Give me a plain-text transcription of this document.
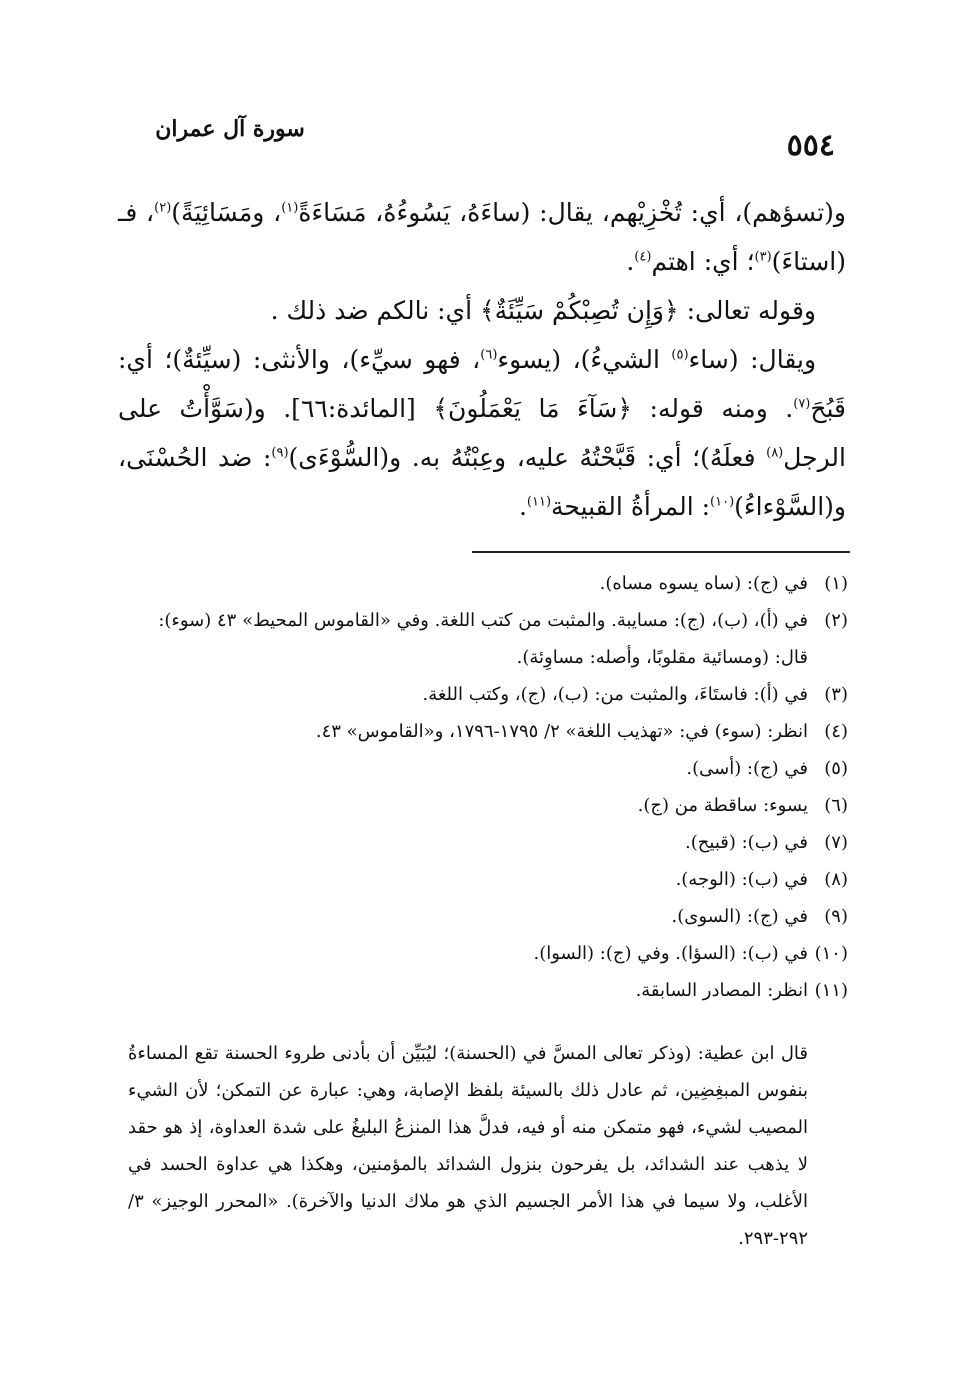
سورة آل عمران	٥٥٤

و(تسؤهم)، أي: تُخْزِيْهم، يقال: (ساءَهُ، يَسُوءُهُ، مَسَاءَةً$^{(١)}$، ومَسَائِيَةً)$^{(٢)}$، فـ (استاءَ)$^{(٣)}$؛ أي: اهتم$^{(٤)}$.

وقوله تعالى: ﴿وَإِن تُصِبْكُمْ سَيِّئَةٌ﴾ أي: نالكم ضد ذلك .

ويقال: (ساء$^{(٥)}$ الشيءُ)، (يسوء$^{(٦)}$، فهو سيِّء)، والأنثى: (سيِّئةٌ)؛ أي: قَبُحَ$^{(٧)}$. ومنه قوله: ﴿سَآءَ مَا يَعْمَلُونَ﴾ [المائدة:٦٦]. و(سَوَّأْتُ على الرجل$^{(٨)}$ فعلَهُ)؛ أي: قَبَّحْتُهُ عليه، وعِبْتُهُ به. و(السُّوْءَى)$^{(٩)}$: ضد الحُسْنَى، و(السَّوْءاءُ)$^{(١٠)}$: المرأةُ القبيحة$^{(١١)}$.

(١)
في (ج): (ساه يسوه مساه).
(٢)
في (أ)، (ب)، (ج): مسايبة. والمثبت من كتب اللغة. وفي «القاموس المحيط» ٤٣ (سوء): قال: (ومسائية مقلوبًا، وأصله: مساوِئة).
(٣)
في (أ): فاستَاءَ، والمثبت من: (ب)، (ج)، وكتب اللغة.
(٤)
انظر: (سوء) في: «تهذيب اللغة» ٢/ ١٧٩٥-١٧٩٦، و«القاموس» ٤٣.
(٥)
في (ج): (أسى).
(٦)
يسوء: ساقطة من (ج).
(٧)
في (ب): (قبيح).
(٨)
في (ب): (الوجه).
(٩)
في (ج): (السوى).
(١٠)
في (ب): (السؤا). وفي (ج): (السوا).
(١١)
انظر: المصادر السابقة.
قال ابن عطية: (وذكر تعالى المسَّ في (الحسنة)؛ ليُبَيِّن أن بأدنى طروء الحسنة تقع المساءةُ بنفوس المبغِضِين، ثم عادل ذلك بالسيئة بلفظ الإصابة، وهي: عبارة عن التمكن؛ لأن الشيء المصيب لشيء، فهو متمكن منه أو فيه، فدلَّ هذا المنزعُ البليغُ على شدة العداوة، إذ هو حقد لا يذهب عند الشدائد، بل يفرحون بنزول الشدائد بالمؤمنين، وهكذا هي عداوة الحسد في الأغلب، ولا سيما في هذا الأمر الجسيم الذي هو ملاك الدنيا والآخرة). «المحرر الوجيز» ٣/ ٢٩٢-٢٩٣.
